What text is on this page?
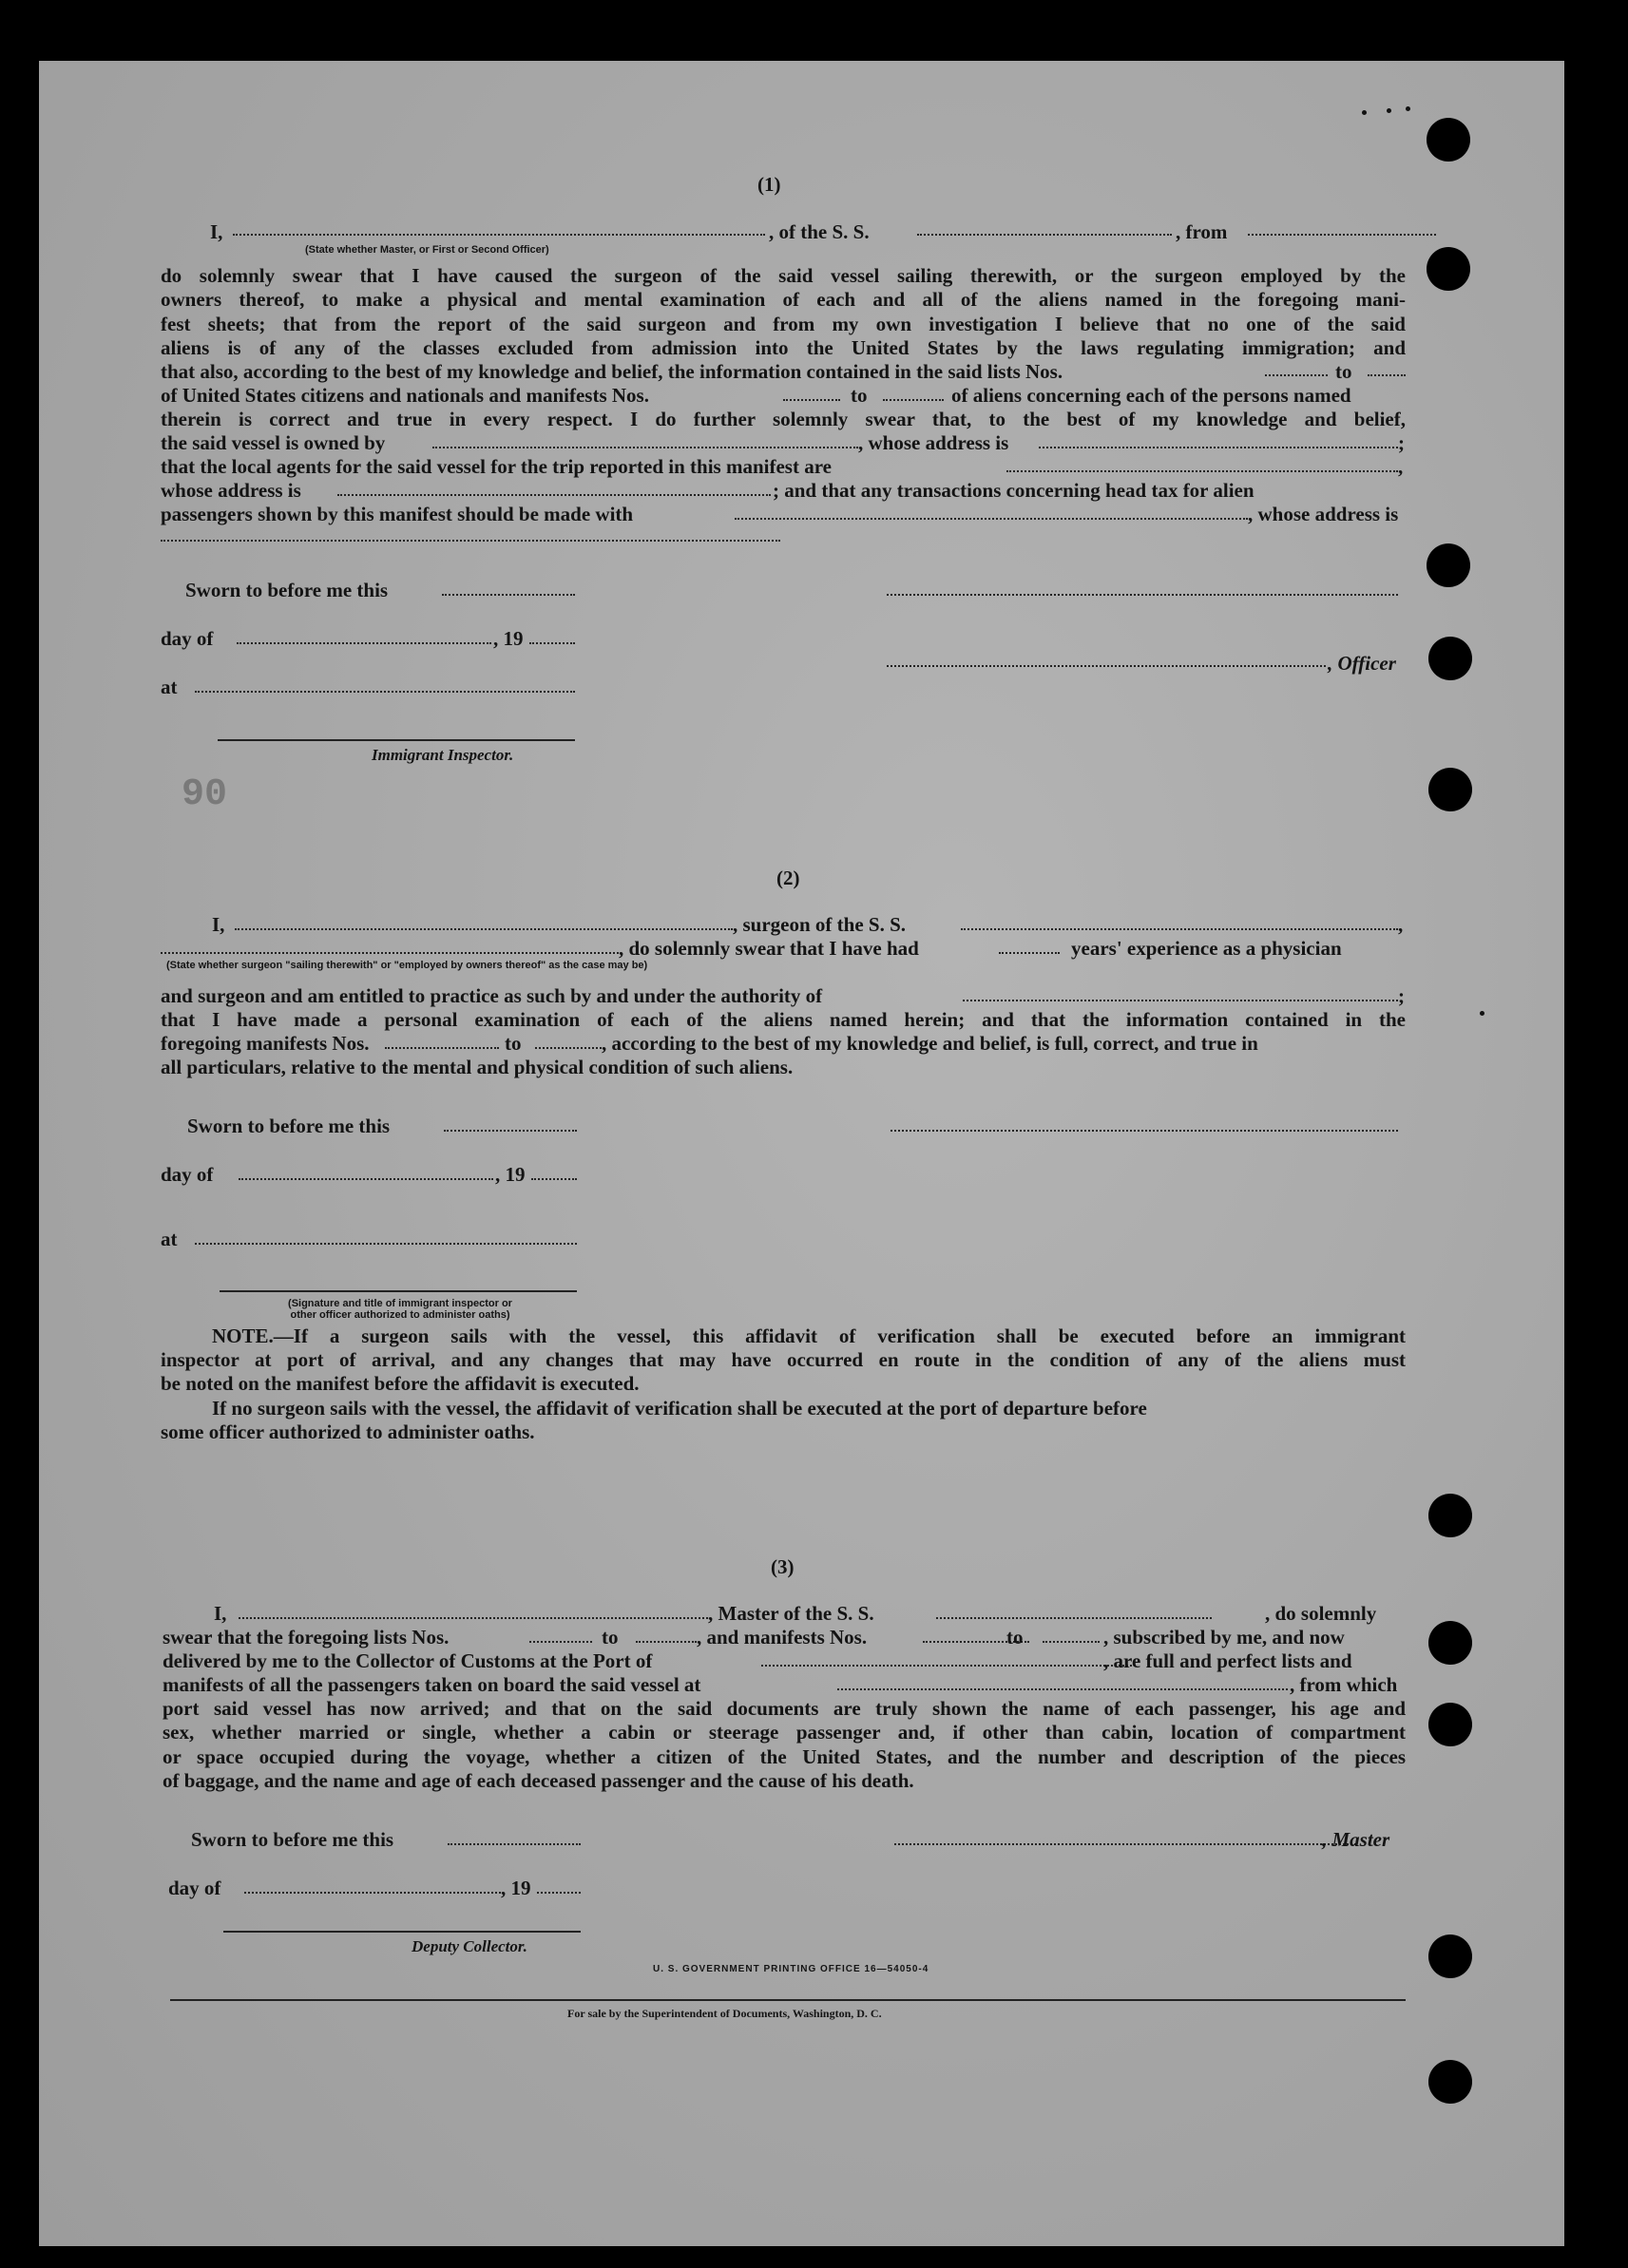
90
(1)
I,	, of the S. S.	, from
(State whether Master, or First or Second Officer)
do solemnly swear that I have caused the surgeon of the said vessel sailing therewith, or the surgeon employed by the
owners thereof, to make a physical and mental examination of each and all of the aliens named in the foregoing mani-
fest sheets; that from the report of the said surgeon and from my own investigation I believe that no one of the said
aliens is of any of the classes excluded from admission into the United States by the laws regulating immigration; and
that also, according to the best of my knowledge and belief, the information contained in the said lists Nos.	to
of United States citizens and nationals and manifests Nos.	to	of aliens concerning each of the persons named
therein is correct and true in every respect. I do further solemnly swear that, to the best of my knowledge and belief,
the said vessel is owned by	, whose address is	;
that the local agents for the said vessel for the trip reported in this manifest are	,
whose address is	; and that any transactions concerning head tax for alien
passengers shown by this manifest should be made with	, whose address is
Sworn to before me this
day of	, 19
, Officer
at
Immigrant Inspector.
(2)
I,	, surgeon of the S. S.	,
, do solemnly swear that I have had	years' experience as a physician
(State whether surgeon "sailing therewith" or "employed by owners thereof" as the case may be)
and surgeon and am entitled to practice as such by and under the authority of	;
that I have made a personal examination of each of the aliens named herein; and that the information contained in the
foregoing manifests Nos.	to	, according to the best of my knowledge and belief, is full, correct, and true in
all particulars, relative to the mental and physical condition of such aliens.
Sworn to before me this
day of	, 19
at
(Signature and title of immigrant inspector or
other officer authorized to administer oaths)
NOTE.—If a surgeon sails with the vessel, this affidavit of verification shall be executed before an immigrant
inspector at port of arrival, and any changes that may have occurred en route in the condition of any of the aliens must
be noted on the manifest before the affidavit is executed.
If no surgeon sails with the vessel, the affidavit of verification shall be executed at the port of departure before
some officer authorized to administer oaths.
(3)
I,	, Master of the S. S.	, do solemnly
swear that the foregoing lists Nos.	to	, and manifests Nos.	to	, subscribed by me, and now
delivered by me to the Collector of Customs at the Port of	, are full and perfect lists and
manifests of all the passengers taken on board the said vessel at	, from which
port said vessel has now arrived; and that on the said documents are truly shown the name of each passenger, his age and
sex, whether married or single, whether a cabin or steerage passenger and, if other than cabin, location of compartment
or space occupied during the voyage, whether a citizen of the United States, and the number and description of the pieces
of baggage, and the name and age of each deceased passenger and the cause of his death.
Sworn to before me this	, Master
day of	, 19
Deputy Collector.
U. S. GOVERNMENT PRINTING OFFICE 16—54050-4
For sale by the Superintendent of Documents, Washington, D. C.
